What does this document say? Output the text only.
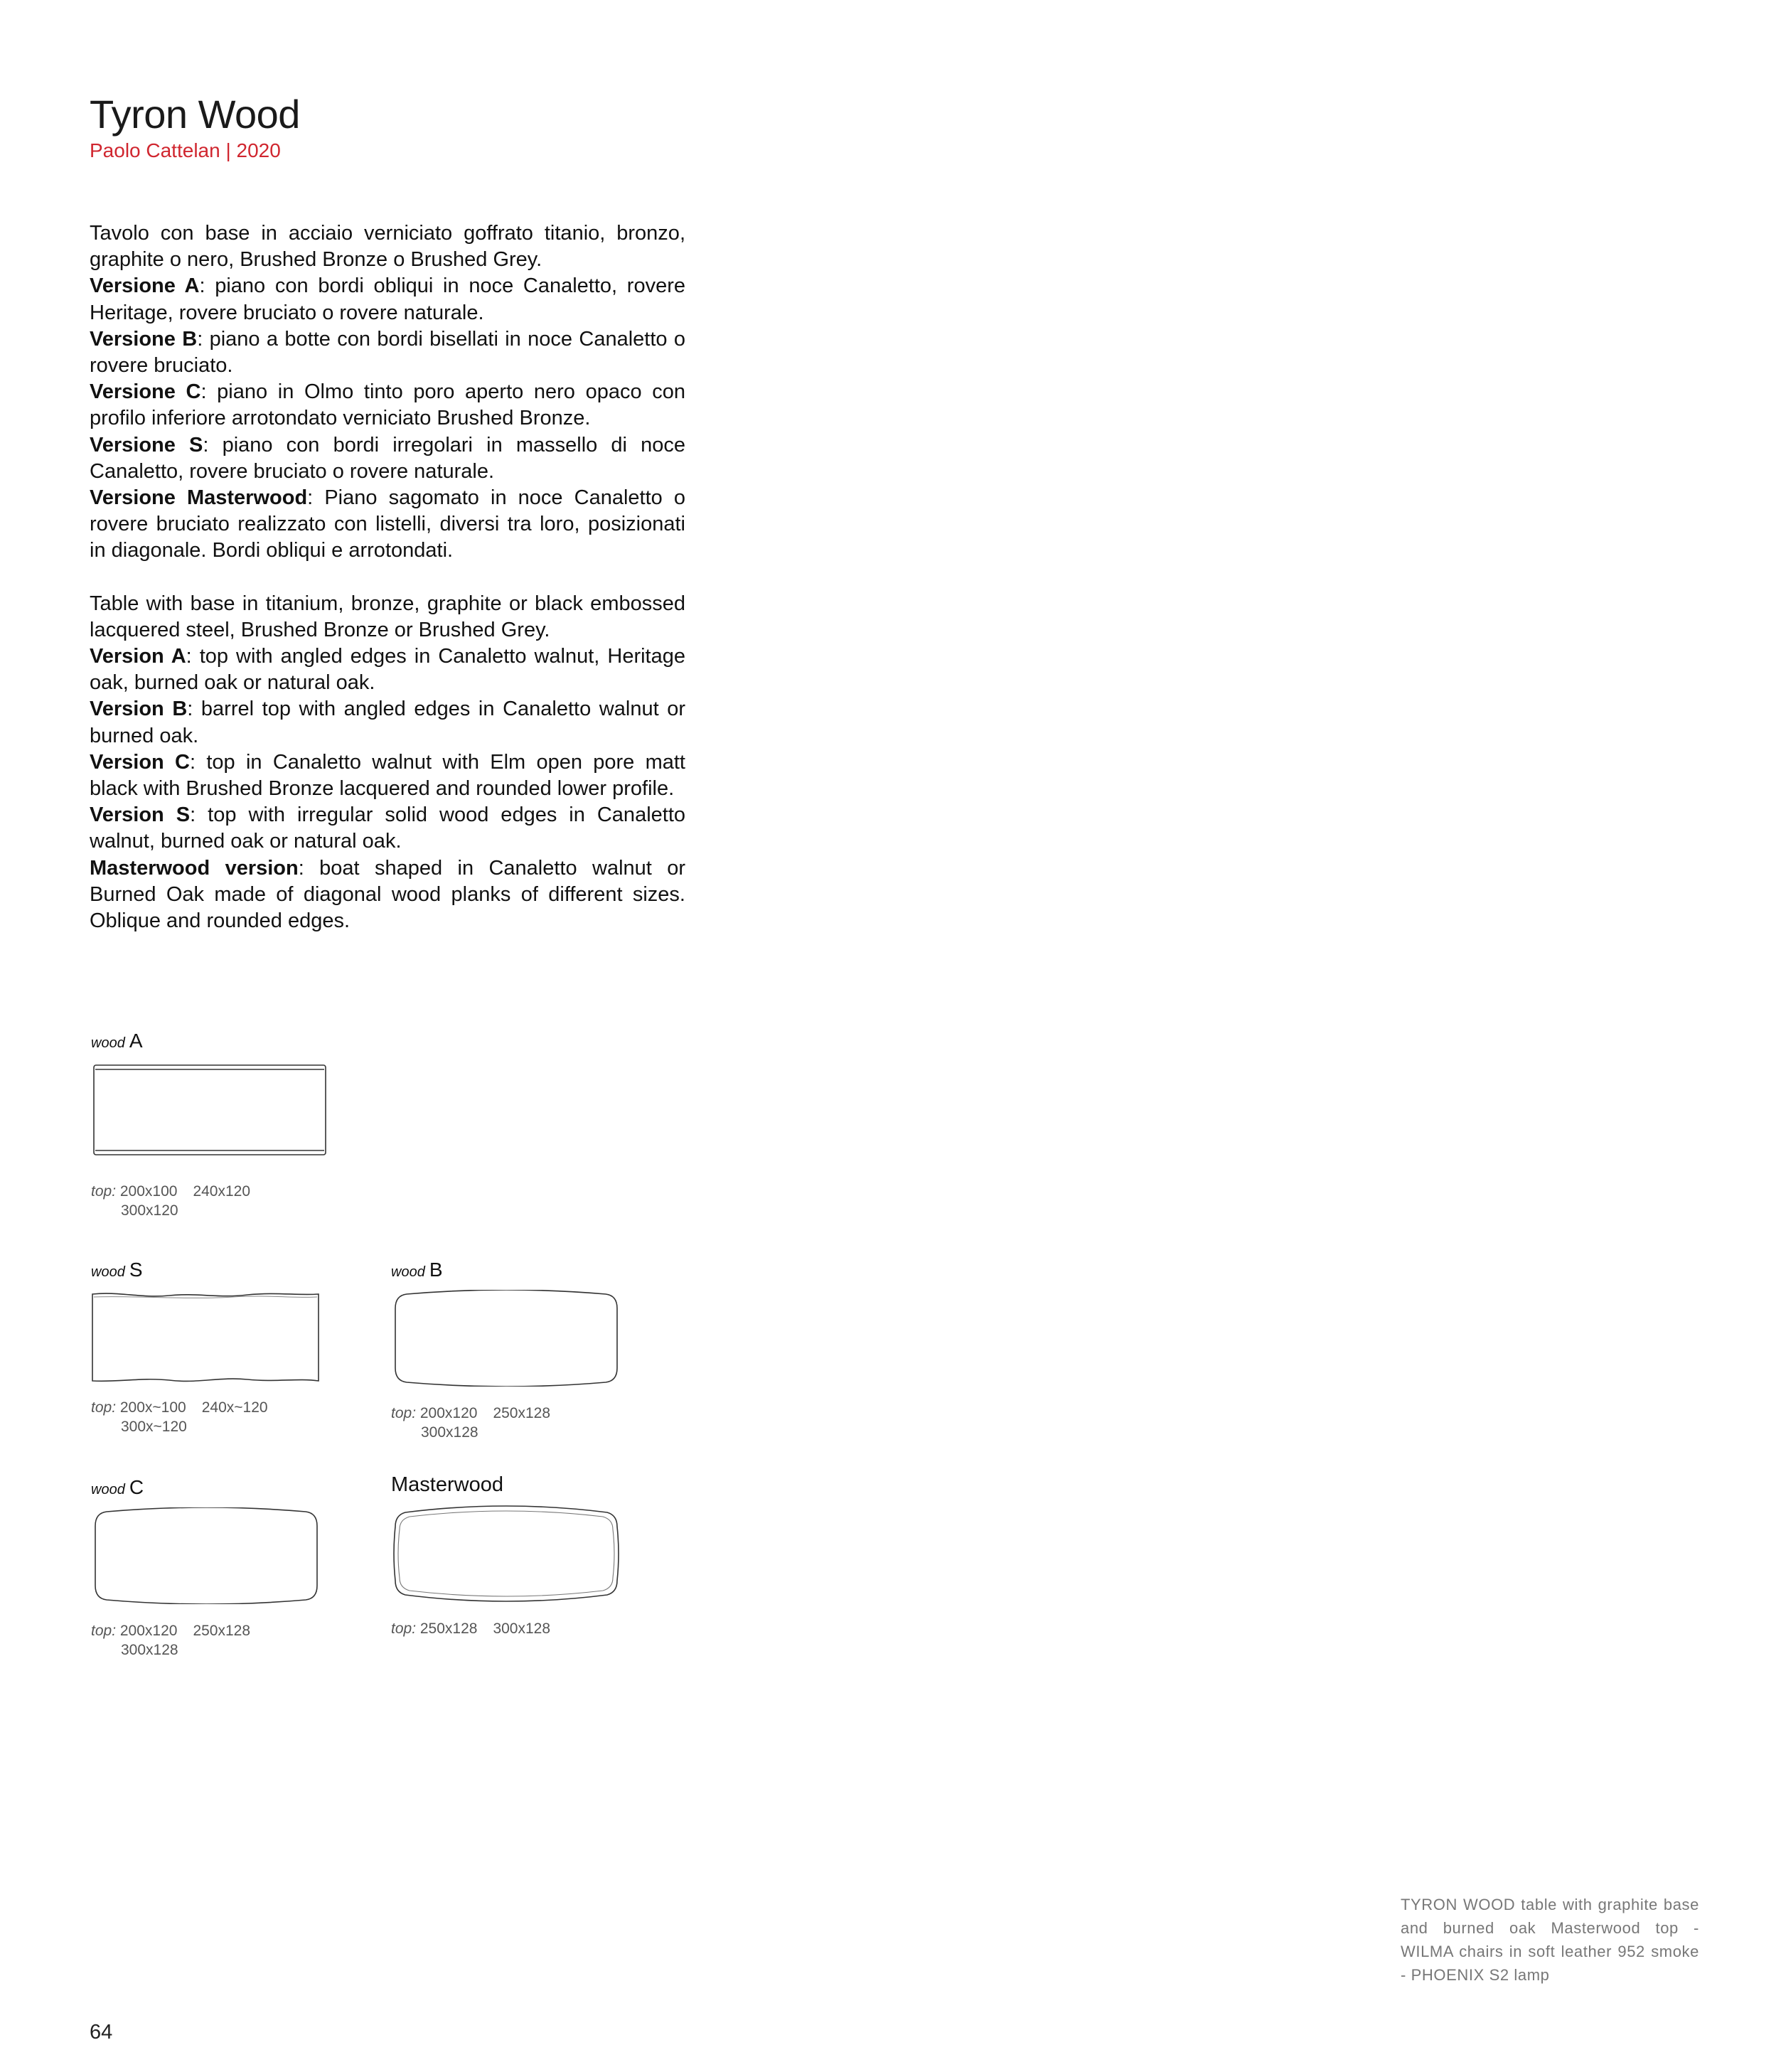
Tyron Wood
Paolo Cattelan | 2020

Tavolo con base in acciaio verniciato goffrato titanio, bronzo, graphite o nero, Brushed Bronze o Brushed Grey.

Versione A: piano con bordi obliqui in noce Canaletto, rovere Heritage, rovere bruciato o rovere naturale.

Versione B: piano a botte con bordi bisellati in noce Canaletto o rovere bruciato.

Versione C: piano in Olmo tinto poro aperto nero opaco con profilo inferiore arrotondato verniciato Brushed Bronze.

Versione S: piano con bordi irregolari in massello di noce Canaletto, rovere bruciato o rovere naturale.

Versione Masterwood: Piano sagomato in noce Canaletto o rovere bruciato realizzato con listelli, diversi tra loro, posizionati in diagonale. Bordi obliqui e arrotondati.

Table with base in titanium, bronze, graphite or black embossed lacquered steel, Brushed Bronze or Brushed Grey.

Version A: top with angled edges in Canaletto walnut, Heritage oak, burned oak or natural oak.

Version B: barrel top with angled edges in Canaletto walnut or burned oak.

Version C: top in Canaletto walnut with Elm open pore matt black with Brushed Bronze lacquered and rounded lower profile.

Version S: top with irregular solid wood edges in Canaletto walnut, burned oak or natural oak.

Masterwood version: boat shaped in Canaletto walnut or Burned Oak made of diagonal wood planks of different sizes. Oblique and rounded edges.

wood A
top: 200x100 240x120
300x120
wood S
top: 200x~100 240x~120
300x~120
wood B
top: 200x120 250x128
300x128
wood C
top: 200x120 250x128
300x128
Masterwood
top: 250x128 300x128
TYRON WOOD table with graphite base and burned oak Masterwood top - WILMA chairs in soft leather 952 smoke - PHOENIX S2 lamp
64
